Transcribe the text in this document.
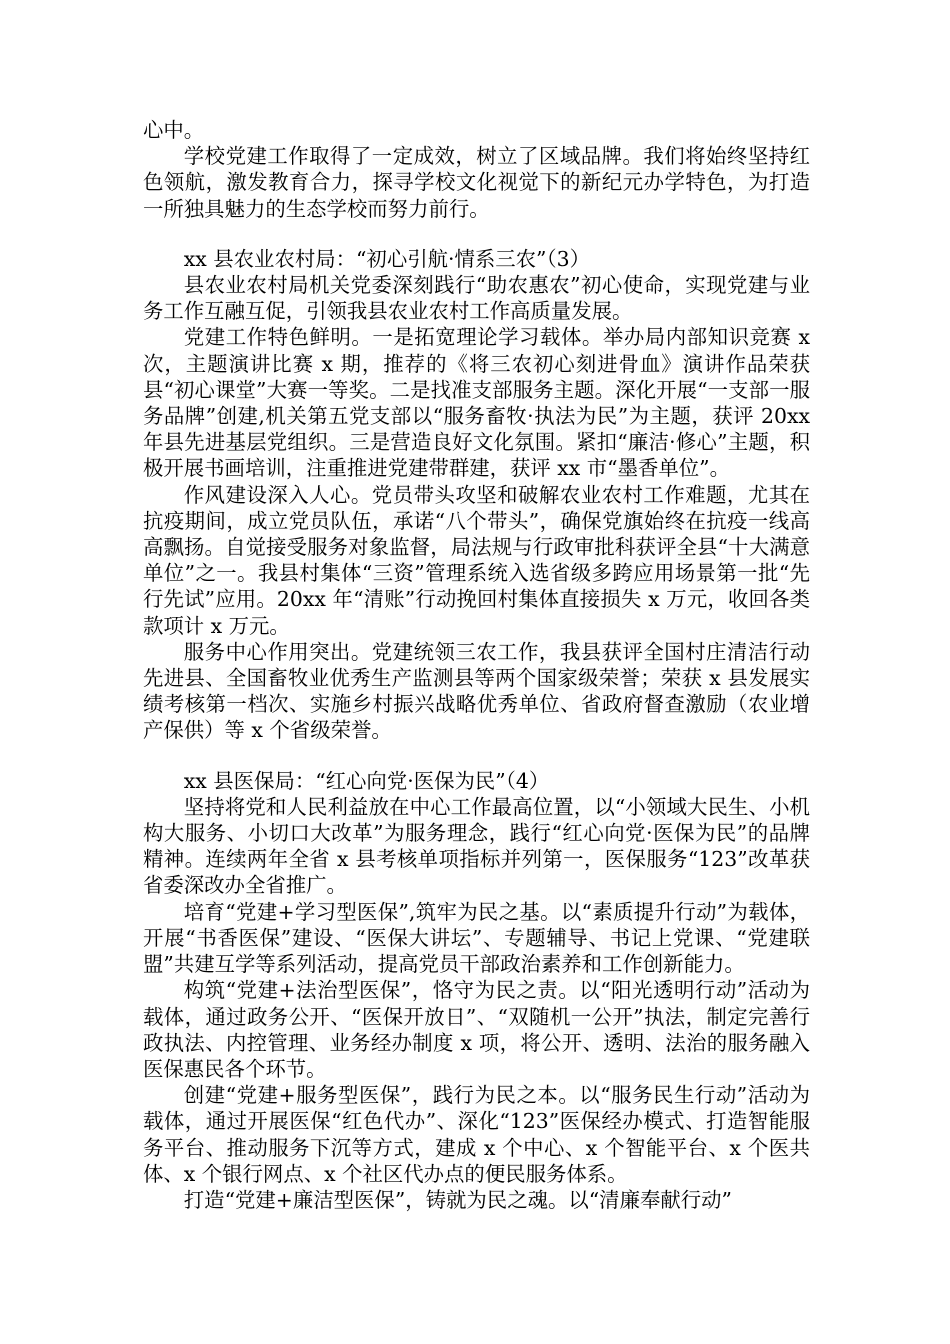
心中。

学校党建工作取得了一定成效，树立了区域品牌。我们将始终坚持红色领航，激发教育合力，探寻学校文化视觉下的新纪元办学特色，为打造一所独具魅力的生态学校而努力前行。

xx 县农业农村局：“初心引航·情系三农”（3）

县农业农村局机关党委深刻践行“助农惠农”初心使命，实现党建与业务工作互融互促，引领我县农业农村工作高质量发展。

党建工作特色鲜明。一是拓宽理论学习载体。举办局内部知识竞赛 x 次，主题演讲比赛 x 期，推荐的《将三农初心刻进骨血》演讲作品荣获县“初心课堂”大赛一等奖。二是找准支部服务主题。深化开展“一支部一服务品牌”创建,机关第五党支部以“服务畜牧·执法为民”为主题，获评 20xx 年县先进基层党组织。三是营造良好文化氛围。紧扣“廉洁·修心”主题，积极开展书画培训，注重推进党建带群建，获评 xx 市“墨香单位”。

作风建设深入人心。党员带头攻坚和破解农业农村工作难题，尤其在抗疫期间，成立党员队伍，承诺“八个带头”，确保党旗始终在抗疫一线高高飘扬。自觉接受服务对象监督，局法规与行政审批科获评全县“十大满意单位”之一。我县村集体“三资”管理系统入选省级多跨应用场景第一批“先行先试”应用。20xx 年“清账”行动挽回村集体直接损失 x 万元，收回各类款项计 x 万元。

服务中心作用突出。党建统领三农工作，我县获评全国村庄清洁行动先进县、全国畜牧业优秀生产监测县等两个国家级荣誉；荣获 x 县发展实绩考核第一档次、实施乡村振兴战略优秀单位、省政府督查激励（农业增产保供）等 x 个省级荣誉。

xx 县医保局：“红心向党·医保为民”（4）

坚持将党和人民利益放在中心工作最高位置，以“小领域大民生、小机构大服务、小切口大改革”为服务理念，践行“红心向党·医保为民”的品牌精神。连续两年全省 x 县考核单项指标并列第一，医保服务“123”改革获省委深改办全省推广。

培育“党建+学习型医保”,筑牢为民之基。以“素质提升行动”为载体，开展“书香医保”建设、“医保大讲坛”、专题辅导、书记上党课、“党建联盟”共建互学等系列活动，提高党员干部政治素养和工作创新能力。

构筑“党建+法治型医保”，恪守为民之责。以“阳光透明行动”活动为载体，通过政务公开、“医保开放日”、“双随机一公开”执法，制定完善行政执法、内控管理、业务经办制度 x 项，将公开、透明、法治的服务融入医保惠民各个环节。

创建“党建+服务型医保”，践行为民之本。以“服务民生行动”活动为载体，通过开展医保“红色代办”、深化“123”医保经办模式、打造智能服务平台、推动服务下沉等方式，建成 x 个中心、x 个智能平台、x 个医共体、x 个银行网点、x 个社区代办点的便民服务体系。

打造“党建+廉洁型医保”，铸就为民之魂。以“清廉奉献行动”
